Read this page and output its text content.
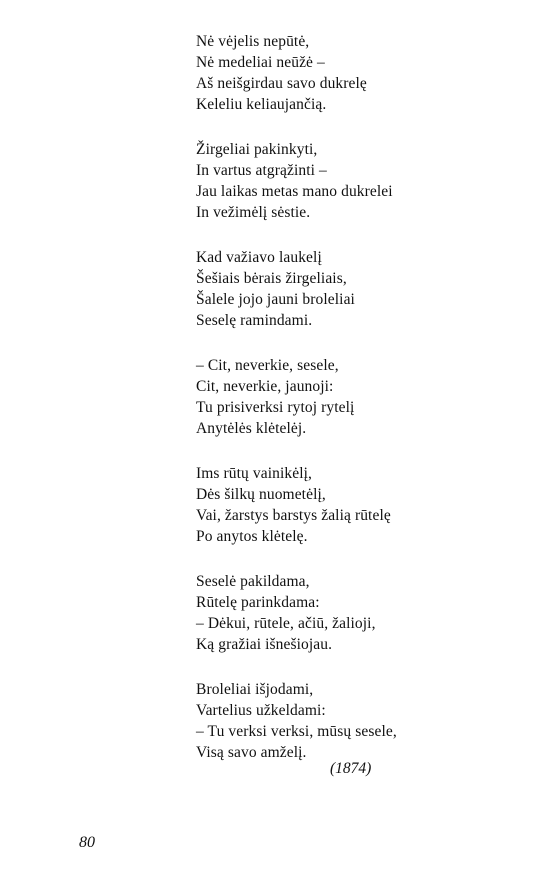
Nė vėjelis nepūtė,
Nė medeliai neūžė –
Aš neišgirdau savo dukrelę
Keleliu keliaujančią.
Žirgeliai pakinkyti,
In vartus atgrąžinti –
Jau laikas metas mano dukrelei
In vežimėlį sėstie.
Kad važiavo laukelį
Šešiais bėrais žirgeliais,
Šalele jojo jauni broleliai
Seselę ramindami.
– Cit, neverkie, sesele,
Cit, neverkie, jaunoji:
Tu prisiverksi rytoj rytelį
Anytėlės klėtelėj.
Ims rūtų vainikėlį,
Dės šilkų nuometėlį,
Vai, žarstys barstys žalią rūtelę
Po anytos klėtelę.
Seselė pakildama,
Rūtelę parinkdama:
– Dėkui, rūtele, ačiū, žalioji,
Ką gražiai išnešiojau.
Broleliai išjodami,
Vartelius užkeldami:
– Tu verksi verksi, mūsų sesele,
Visą savo amželį.
(1874)
80
